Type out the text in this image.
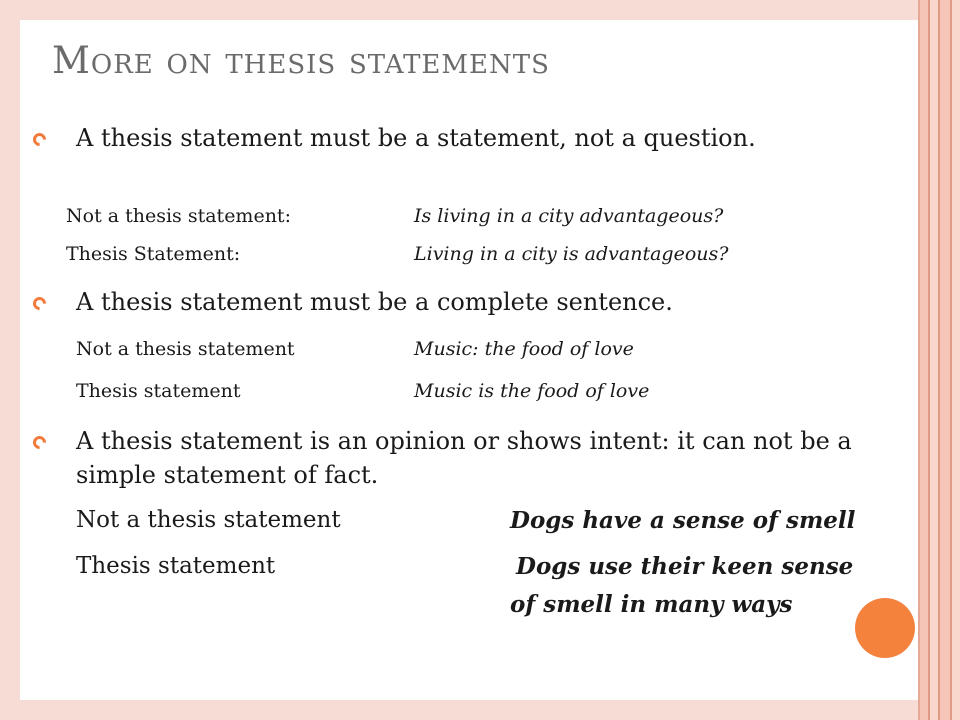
More on thesis statements
A thesis statement must be a statement, not a question.
Not a thesis statement:	Is living in a city advantageous?
Thesis Statement:	Living in a city is advantageous?
A thesis statement must be a complete sentence.
Not a thesis statement	Music: the food of love
Thesis statement	Music is the food of love
A thesis statement is an opinion or shows intent: it can not be a simple statement of fact.
Not a thesis statement	Dogs have a sense of smell
Thesis statement	Dogs use their keen sense
of smell in many ways
